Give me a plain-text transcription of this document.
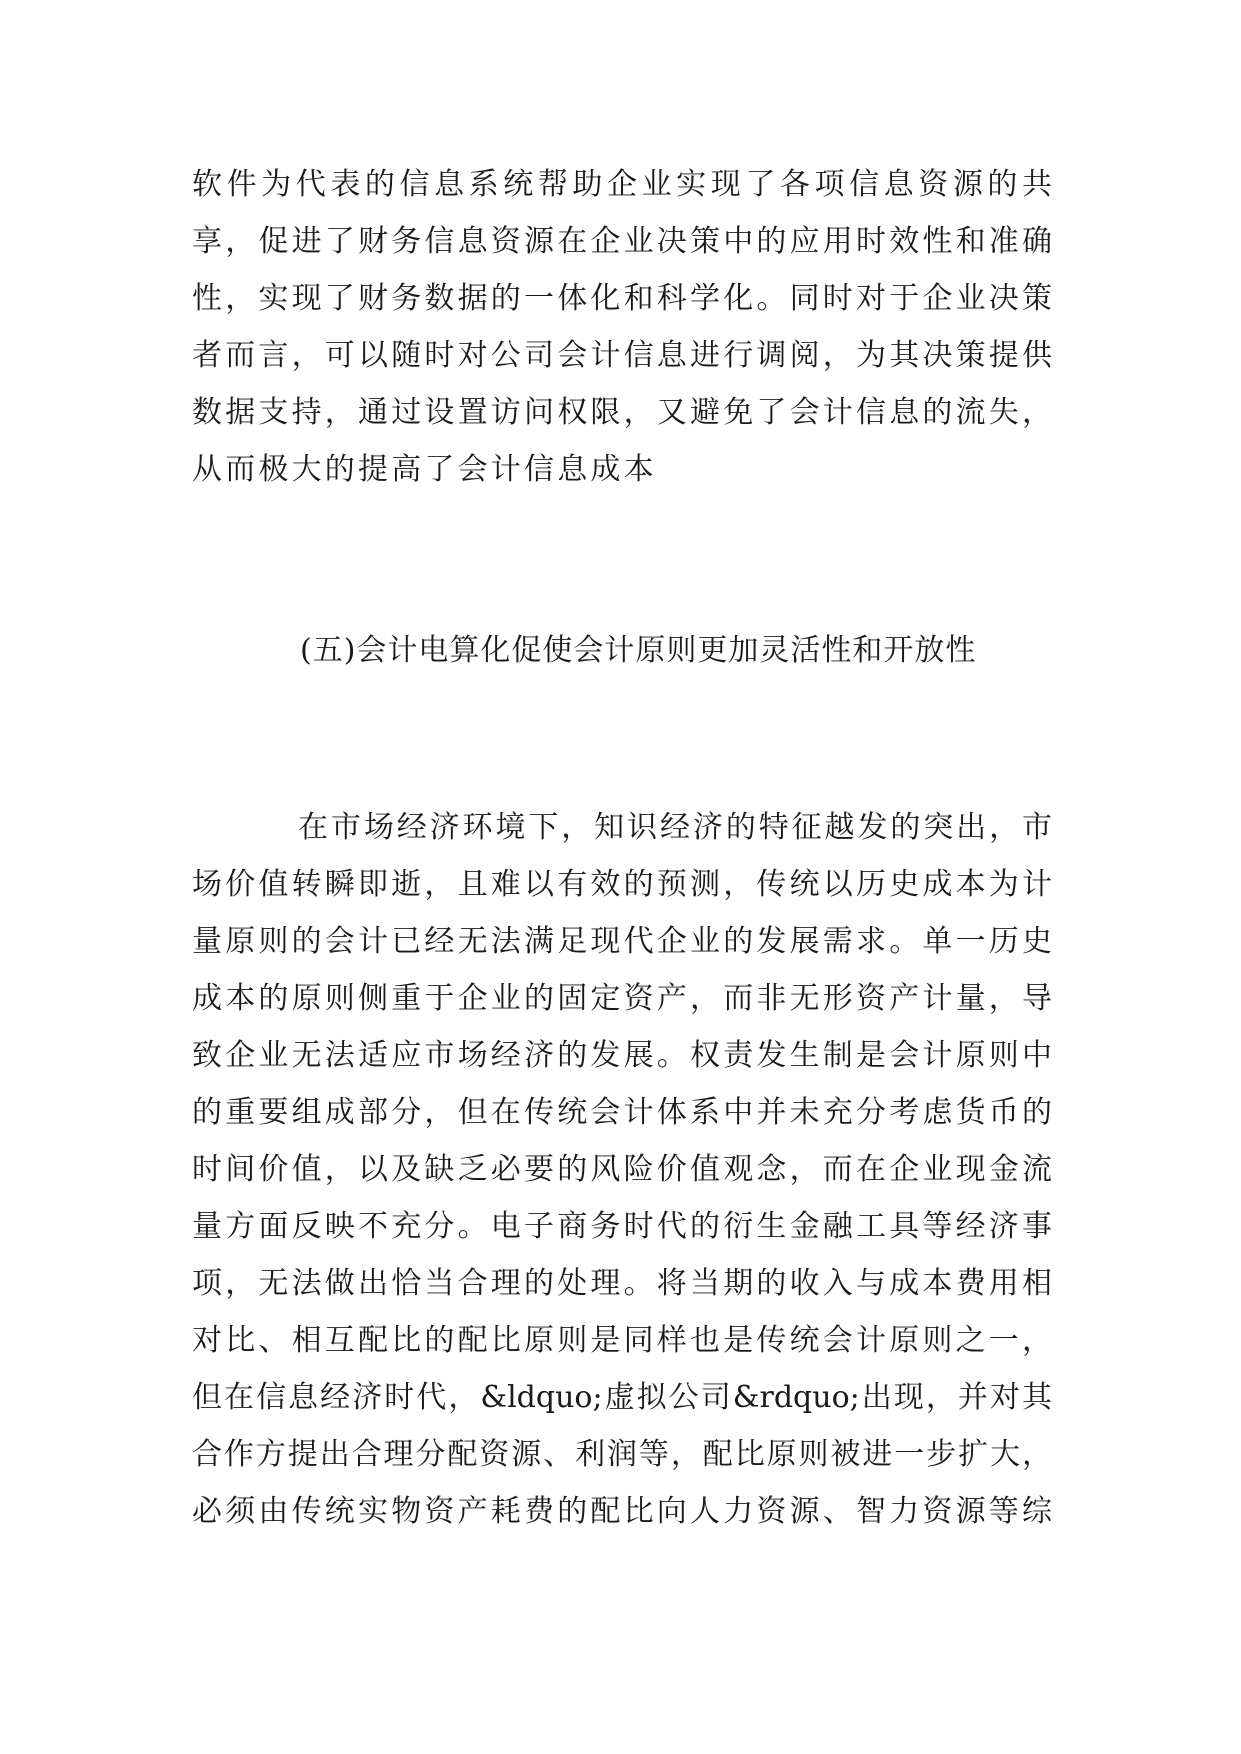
软件为代表的信息系统帮助企业实现了各项信息资源的共
享，促进了财务信息资源在企业决策中的应用时效性和准确
性，实现了财务数据的一体化和科学化。同时对于企业决策
者而言，可以随时对公司会计信息进行调阅，为其决策提供
数据支持，通过设置访问权限，又避免了会计信息的流失，
从而极大的提高了会计信息成本
(五)会计电算化促使会计原则更加灵活性和开放性
在市场经济环境下，知识经济的特征越发的突出，市
场价值转瞬即逝，且难以有效的预测，传统以历史成本为计
量原则的会计已经无法满足现代企业的发展需求。单一历史
成本的原则侧重于企业的固定资产，而非无形资产计量，导
致企业无法适应市场经济的发展。权责发生制是会计原则中
的重要组成部分，但在传统会计体系中并未充分考虑货币的
时间价值，以及缺乏必要的风险价值观念，而在企业现金流
量方面反映不充分。电子商务时代的衍生金融工具等经济事
项，无法做出恰当合理的处理。将当期的收入与成本费用相
对比、相互配比的配比原则是同样也是传统会计原则之一，
但在信息经济时代，&ldquo;虚拟公司&rdquo;出现，并对其
合作方提出合理分配资源、利润等，配比原则被进一步扩大，
必须由传统实物资产耗费的配比向人力资源、智力资源等综
